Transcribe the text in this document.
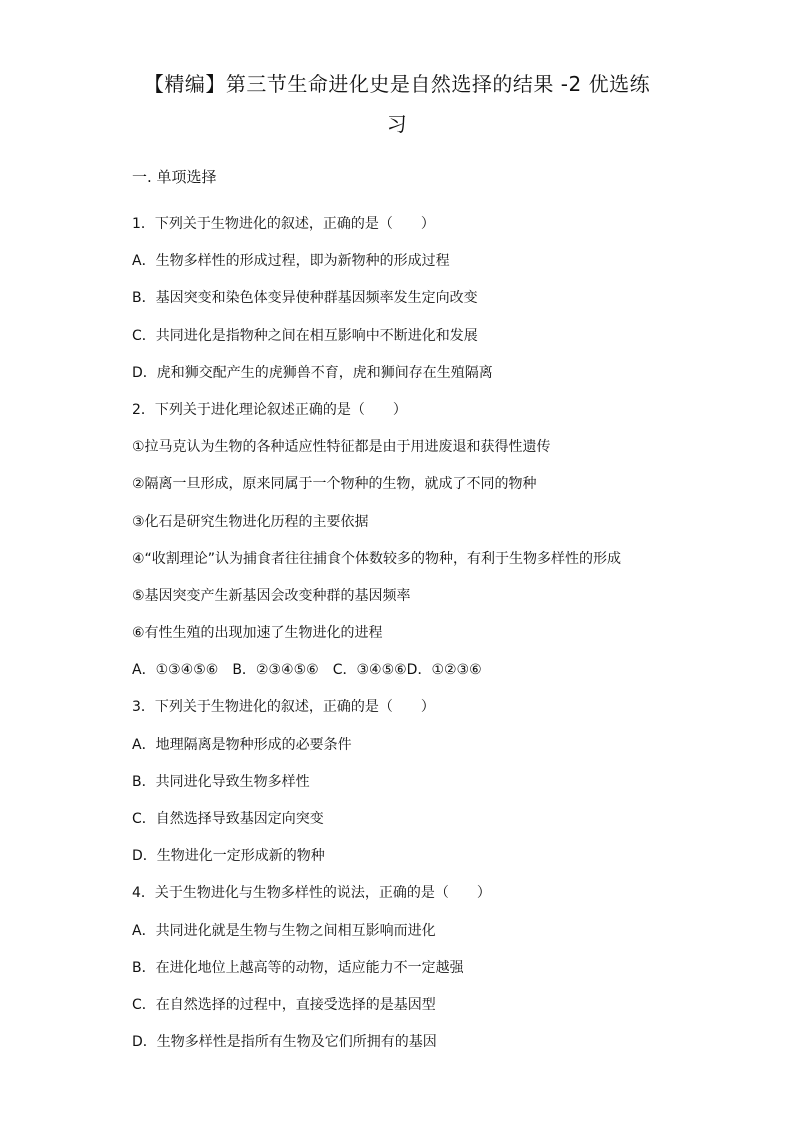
【精编】第三节生命进化史是自然选择的结果 -2 优选练
习
一. 单项选择
1．下列关于生物进化的叙述，正确的是（　　）
A．生物多样性的形成过程，即为新物种的形成过程
B．基因突变和染色体变异使种群基因频率发生定向改变
C．共同进化是指物种之间在相互影响中不断进化和发展
D．虎和狮交配产生的虎狮兽不育，虎和狮间存在生殖隔离
2．下列关于进化理论叙述正确的是（　　）
①拉马克认为生物的各种适应性特征都是由于用进废退和获得性遗传
②隔离一旦形成，原来同属于一个物种的生物，就成了不同的物种
③化石是研究生物进化历程的主要依据
④“收割理论”认为捕食者往往捕食个体数较多的物种，有利于生物多样性的形成
⑤基因突变产生新基因会改变种群的基因频率
⑥有性生殖的出现加速了生物进化的进程
A．①③④⑤⑥　B．②③④⑤⑥　C．③④⑤⑥D．①②③⑥
3．下列关于生物进化的叙述，正确的是（　　）
A．地理隔离是物种形成的必要条件
B．共同进化导致生物多样性
C．自然选择导致基因定向突变
D．生物进化一定形成新的物种
4．关于生物进化与生物多样性的说法，正确的是（　　）
A．共同进化就是生物与生物之间相互影响而进化
B．在进化地位上越高等的动物，适应能力不一定越强
C．在自然选择的过程中，直接受选择的是基因型
D．生物多样性是指所有生物及它们所拥有的基因
